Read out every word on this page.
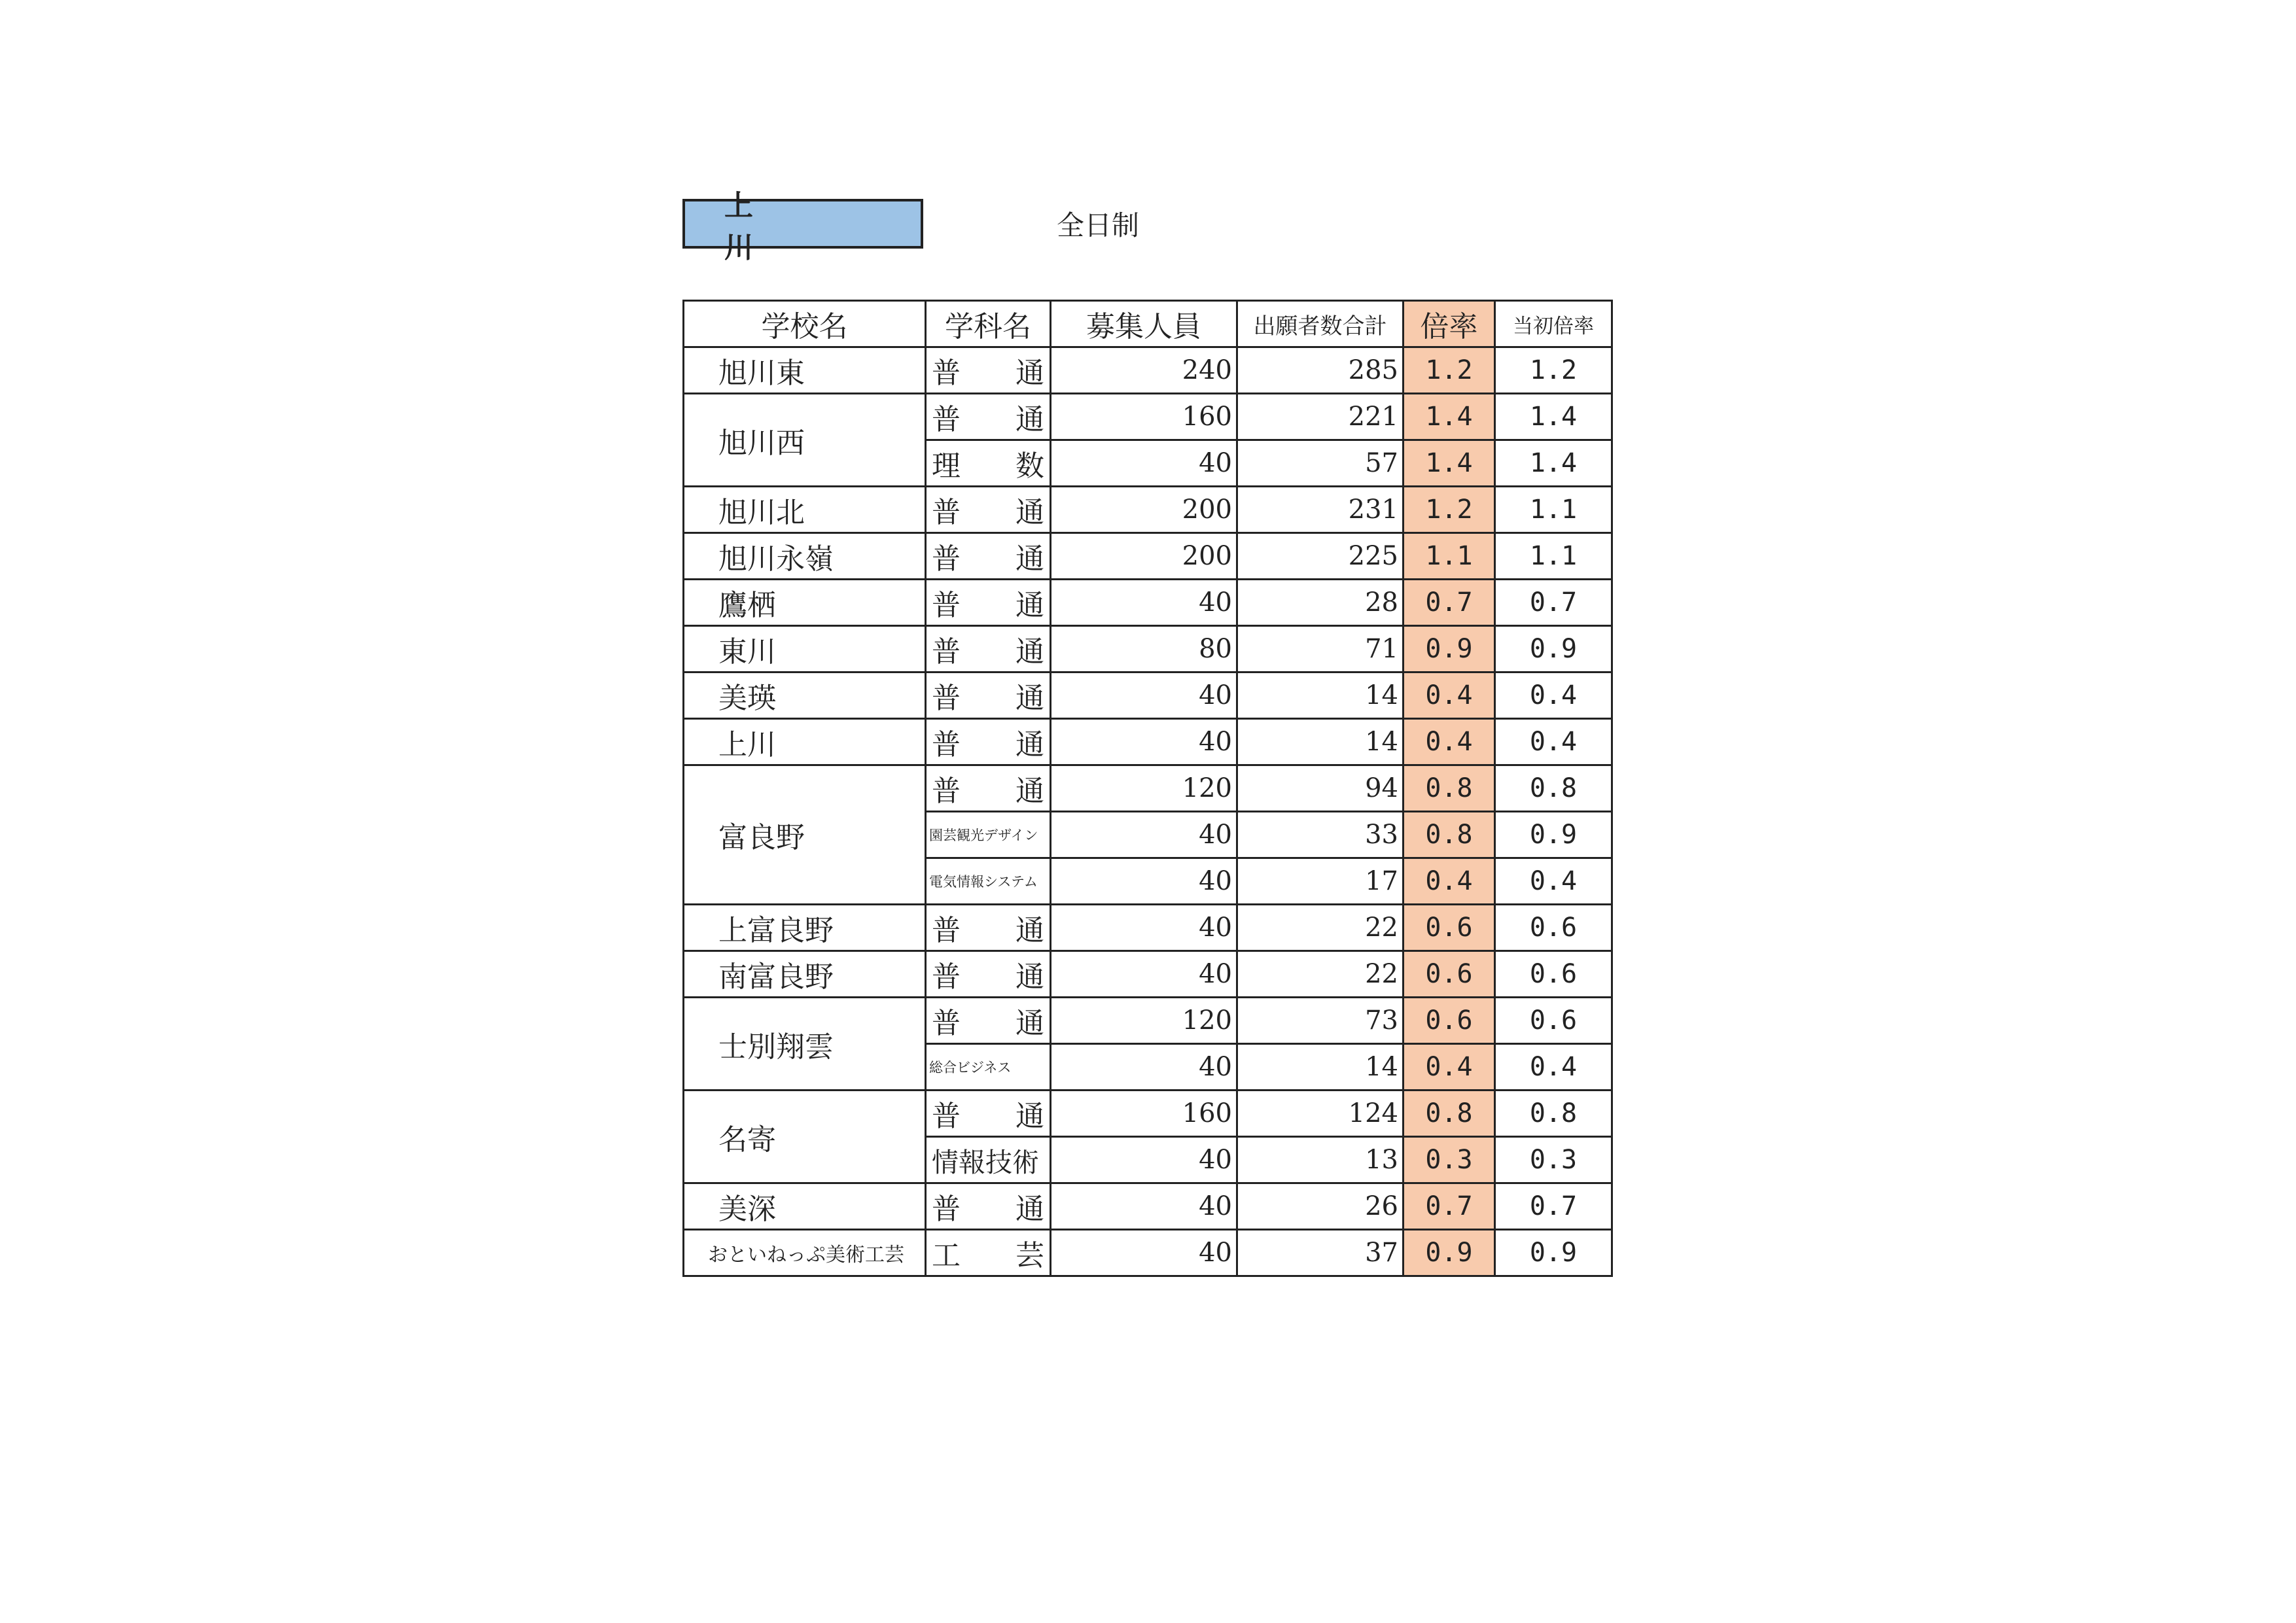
上　川
全日制
学校名	学科名	募集人員	出願者数合計	倍率	当初倍率
旭川東	普通	240	285	1.2	1.2
旭川西	普通	160	221	1.4	1.4
	理数	40	57	1.4	1.4
旭川北	普通	200	231	1.2	1.1
旭川永嶺	普通	200	225	1.1	1.1
鷹栖	普通	40	28	0.7	0.7
東川	普通	80	71	0.9	0.9
美瑛	普通	40	14	0.4	0.4
上川	普通	40	14	0.4	0.4
富良野	普通	120	94	0.8	0.8
	園芸観光デザイン	40	33	0.8	0.9
	電気情報システム	40	17	0.4	0.4
上富良野	普通	40	22	0.6	0.6
南富良野	普通	40	22	0.6	0.6
士別翔雲	普通	120	73	0.6	0.6
	総合ビジネス	40	14	0.4	0.4
名寄	普通	160	124	0.8	0.8
	情報技術	40	13	0.3	0.3
美深	普通	40	26	0.7	0.7
おといねっぷ美術工芸	工芸	40	37	0.9	0.9
